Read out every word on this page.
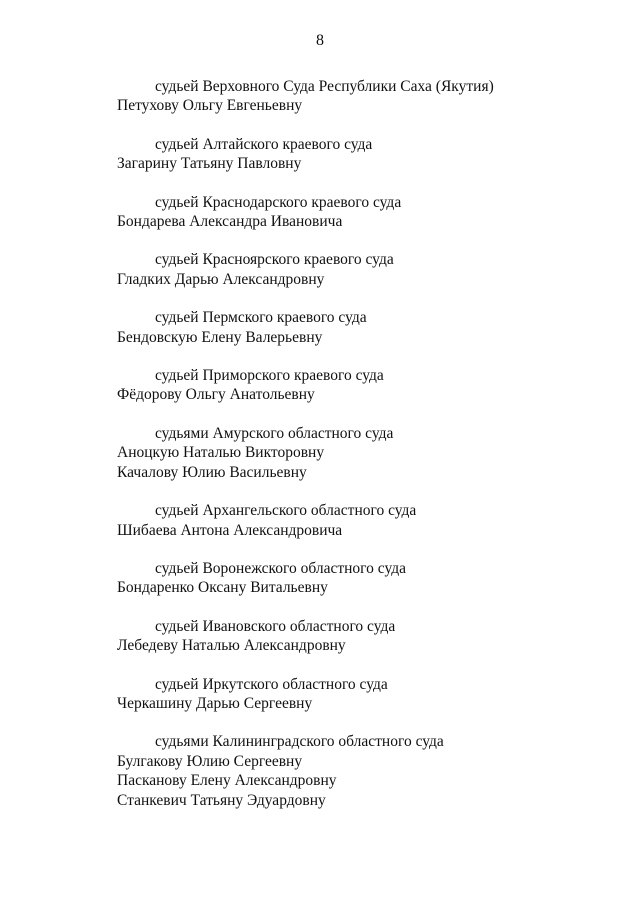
8
судьей Верховного Суда Республики Саха (Якутия)
Петухову Ольгу Евгеньевну
судьей Алтайского краевого суда
Загарину Татьяну Павловну
судьей Краснодарского краевого суда
Бондарева Александра Ивановича
судьей Красноярского краевого суда
Гладких Дарью Александровну
судьей Пермского краевого суда
Бендовскую Елену Валерьевну
судьей Приморского краевого суда
Фёдорову Ольгу Анатольевну
судьями Амурского областного суда
Аноцкую Наталью Викторовну
Качалову Юлию Васильевну
судьей Архангельского областного суда
Шибаева Антона Александровича
судьей Воронежского областного суда
Бондаренко Оксану Витальевну
судьей Ивановского областного суда
Лебедеву Наталью Александровну
судьей Иркутского областного суда
Черкашину Дарью Сергеевну
судьями Калининградского областного суда
Булгакову Юлию Сергеевну
Пасканову Елену Александровну
Станкевич Татьяну Эдуардовну
